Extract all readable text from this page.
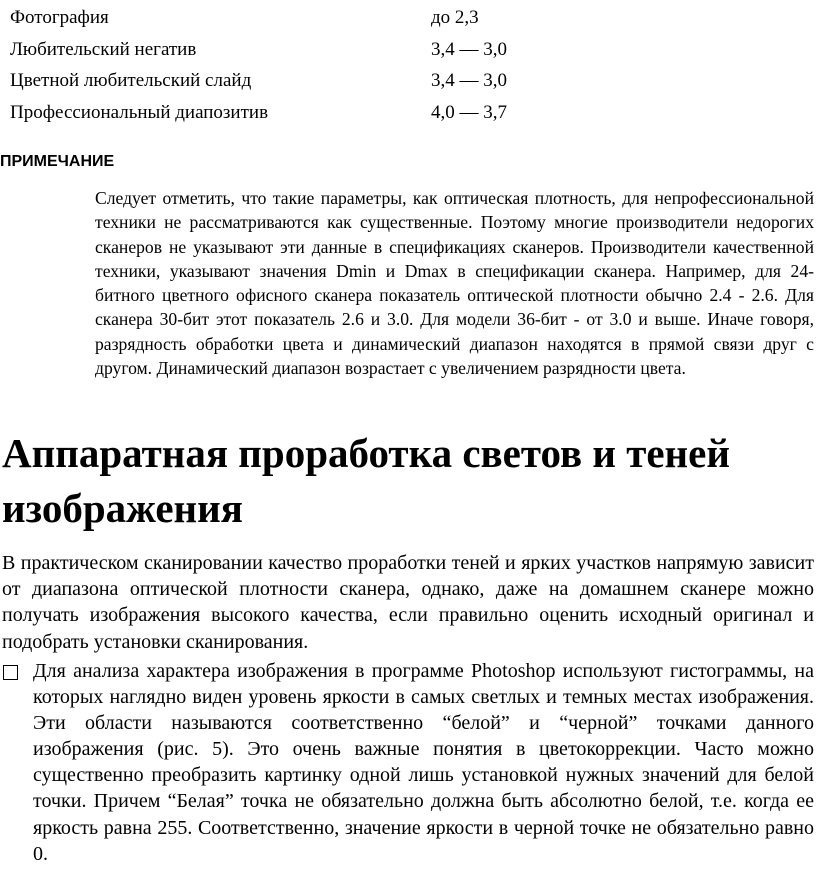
Фотография	до 2,3
Любительский негатив	3,4 — 3,0
Цветной любительский слайд	3,4 — 3,0
Профессиональный диапозитив	4,0 — 3,7
ПРИМЕЧАНИЕ
Следует отметить, что такие параметры, как оптическая плотность, для непрофессиональной техники не рассматриваются как существенные. Поэтому многие производители недорогих сканеров не указывают эти данные в спецификациях сканеров. Производители качественной техники, указывают значения Dmin и Dmax в спецификации сканера. Например, для 24-битного цветного офисного сканера показатель оптической плотности обычно 2.4 - 2.6. Для сканера 30-бит этот показатель 2.6 и 3.0. Для модели 36-бит - от 3.0 и выше. Иначе говоря, разрядность обработки цвета и динамический диапазон находятся в прямой связи друг с другом. Динамический диапазон возрастает с увеличением разрядности цвета.
Аппаратная проработка светов и теней изображения
В практическом сканировании качество проработки теней и ярких участков напрямую зависит от диапазона оптической плотности сканера, однако, даже на домашнем сканере можно получать изображения высокого качества, если правильно оценить исходный оригинал и подобрать установки сканирования.
Для анализа характера изображения в программе Photoshop используют гистограммы, на которых наглядно виден уровень яркости в самых светлых и темных местах изображения. Эти области называются соответственно “белой” и “черной” точками данного изображения (рис. 5). Это очень важные понятия в цветокоррекции. Часто можно существенно преобразить картинку одной лишь установкой нужных значений для белой точки. Причем “Белая” точка не обязательно должна быть абсолютно белой, т.е. когда ее яркость равна 255. Соответственно, значение яркости в черной точке не обязательно равно 0.
